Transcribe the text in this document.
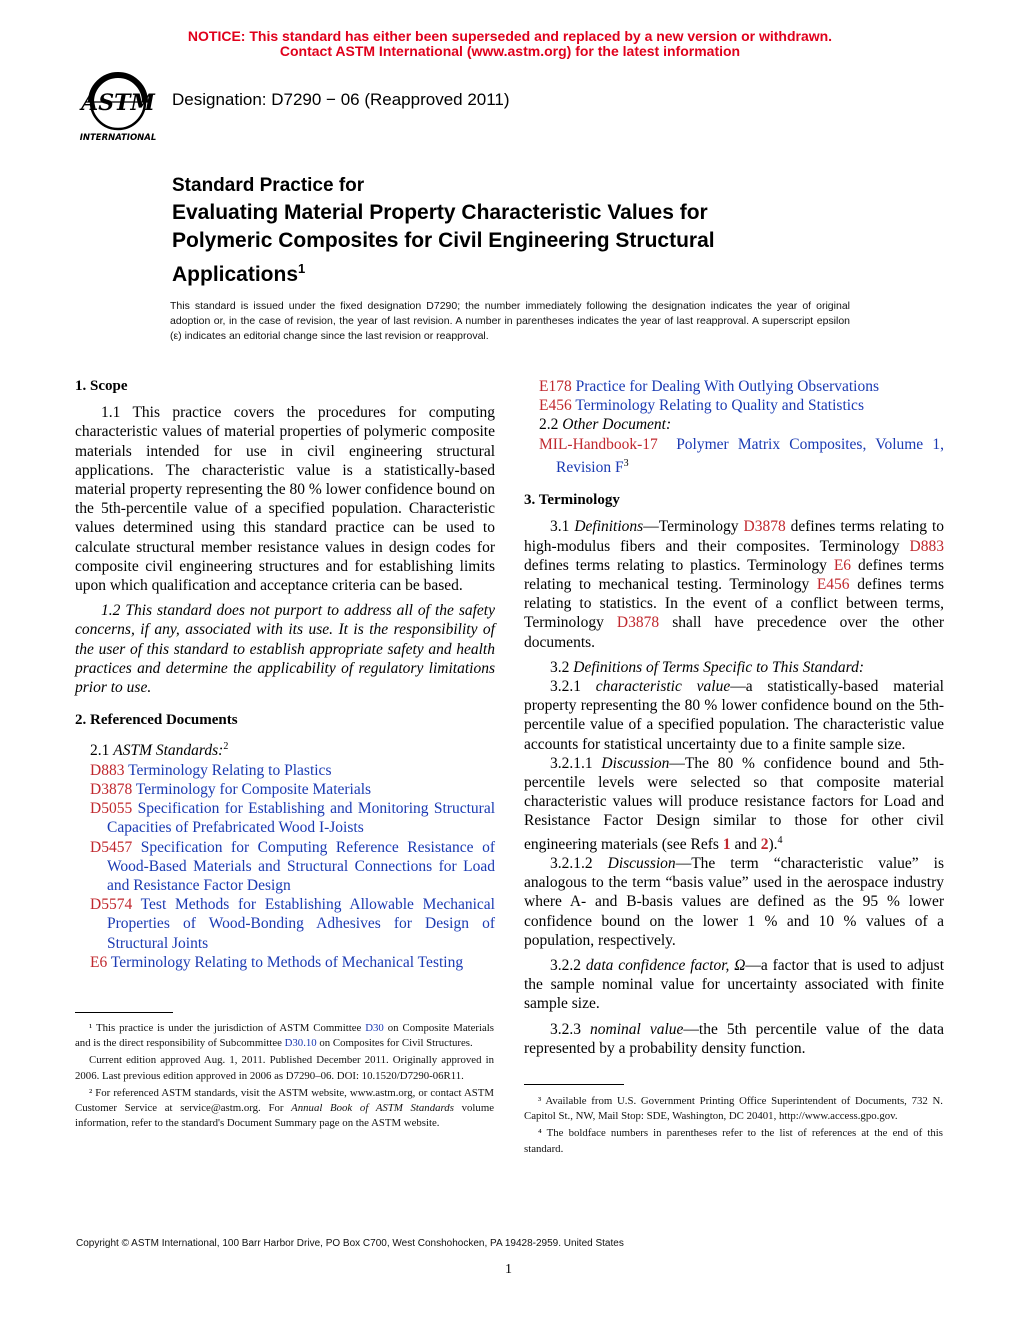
NOTICE: This standard has either been superseded and replaced by a new version or withdrawn.
Contact ASTM International (www.astm.org) for the latest information
ASTM
INTERNATIONAL
Designation: D7290 − 06 (Reapproved 2011)
Standard Practice for
Evaluating Material Property Characteristic Values for
Polymeric Composites for Civil Engineering Structural
Applications$^1$
This standard is issued under the fixed designation D7290; the number immediately following the designation indicates the year of original adoption or, in the case of revision, the year of last revision. A number in parentheses indicates the year of last reapproval. A superscript epsilon (ε) indicates an editorial change since the last revision or reapproval.
1. Scope
1.1 This practice covers the procedures for computing characteristic values of material properties of polymeric composite materials intended for use in civil engineering structural applications. The characteristic value is a statistically-based material property representing the 80 % lower confidence bound on the 5th-percentile value of a specified population. Characteristic values determined using this standard practice can be used to calculate structural member resistance values in design codes for composite civil engineering structures and for establishing limits upon which qualification and acceptance criteria can be based.
1.2 This standard does not purport to address all of the safety concerns, if any, associated with its use. It is the responsibility of the user of this standard to establish appropriate safety and health practices and determine the applicability of regulatory limitations prior to use.
2. Referenced Documents
2.1 ASTM Standards:$^2$
D883 Terminology Relating to Plastics
D3878 Terminology for Composite Materials
D5055 Specification for Establishing and Monitoring Structural Capacities of Prefabricated Wood I-Joists
D5457 Specification for Computing Reference Resistance of Wood-Based Materials and Structural Connections for Load and Resistance Factor Design
D5574 Test Methods for Establishing Allowable Mechanical Properties of Wood-Bonding Adhesives for Design of Structural Joints
E6 Terminology Relating to Methods of Mechanical Testing
¹ This practice is under the jurisdiction of ASTM Committee D30 on Composite Materials and is the direct responsibility of Subcommittee D30.10 on Composites for Civil Structures.
Current edition approved Aug. 1, 2011. Published December 2011. Originally approved in 2006. Last previous edition approved in 2006 as D7290–06. DOI: 10.1520/D7290-06R11.
² For referenced ASTM standards, visit the ASTM website, www.astm.org, or contact ASTM Customer Service at service@astm.org. For Annual Book of ASTM Standards volume information, refer to the standard's Document Summary page on the ASTM website.
E178 Practice for Dealing With Outlying Observations
E456 Terminology Relating to Quality and Statistics
2.2 Other Document:
MIL-Handbook-17 Polymer Matrix Composites, Volume 1, Revision $F^3$
3. Terminology
3.1 Definitions—Terminology D3878 defines terms relating to high-modulus fibers and their composites. Terminology D883 defines terms relating to plastics. Terminology E6 defines terms relating to mechanical testing. Terminology E456 defines terms relating to statistics. In the event of a conflict between terms, Terminology D3878 shall have precedence over the other documents.
3.2 Definitions of Terms Specific to This Standard:
3.2.1 characteristic value—a statistically-based material property representing the 80 % lower confidence bound on the 5th-percentile value of a specified population. The characteristic value accounts for statistical uncertainty due to a finite sample size.
3.2.1.1 Discussion—The 80 % confidence bound and 5th-percentile levels were selected so that composite material characteristic values will produce resistance factors for Load and Resistance Factor Design similar to those for other civil engineering materials (see Refs 1 and 2).$^4$
3.2.1.2 Discussion—The term “characteristic value” is analogous to the term “basis value” used in the aerospace industry where A- and B-basis values are defined as the 95 % lower confidence bound on the lower 1 % and 10 % values of a population, respectively.
3.2.2 data confidence factor, Ω—a factor that is used to adjust the sample nominal value for uncertainty associated with finite sample size.
3.2.3 nominal value—the 5th percentile value of the data represented by a probability density function.
³ Available from U.S. Government Printing Office Superintendent of Documents, 732 N. Capitol St., NW, Mail Stop: SDE, Washington, DC 20401, http://www.access.gpo.gov.
⁴ The boldface numbers in parentheses refer to the list of references at the end of this standard.
Copyright © ASTM International, 100 Barr Harbor Drive, PO Box C700, West Conshohocken, PA 19428-2959. United States
1
